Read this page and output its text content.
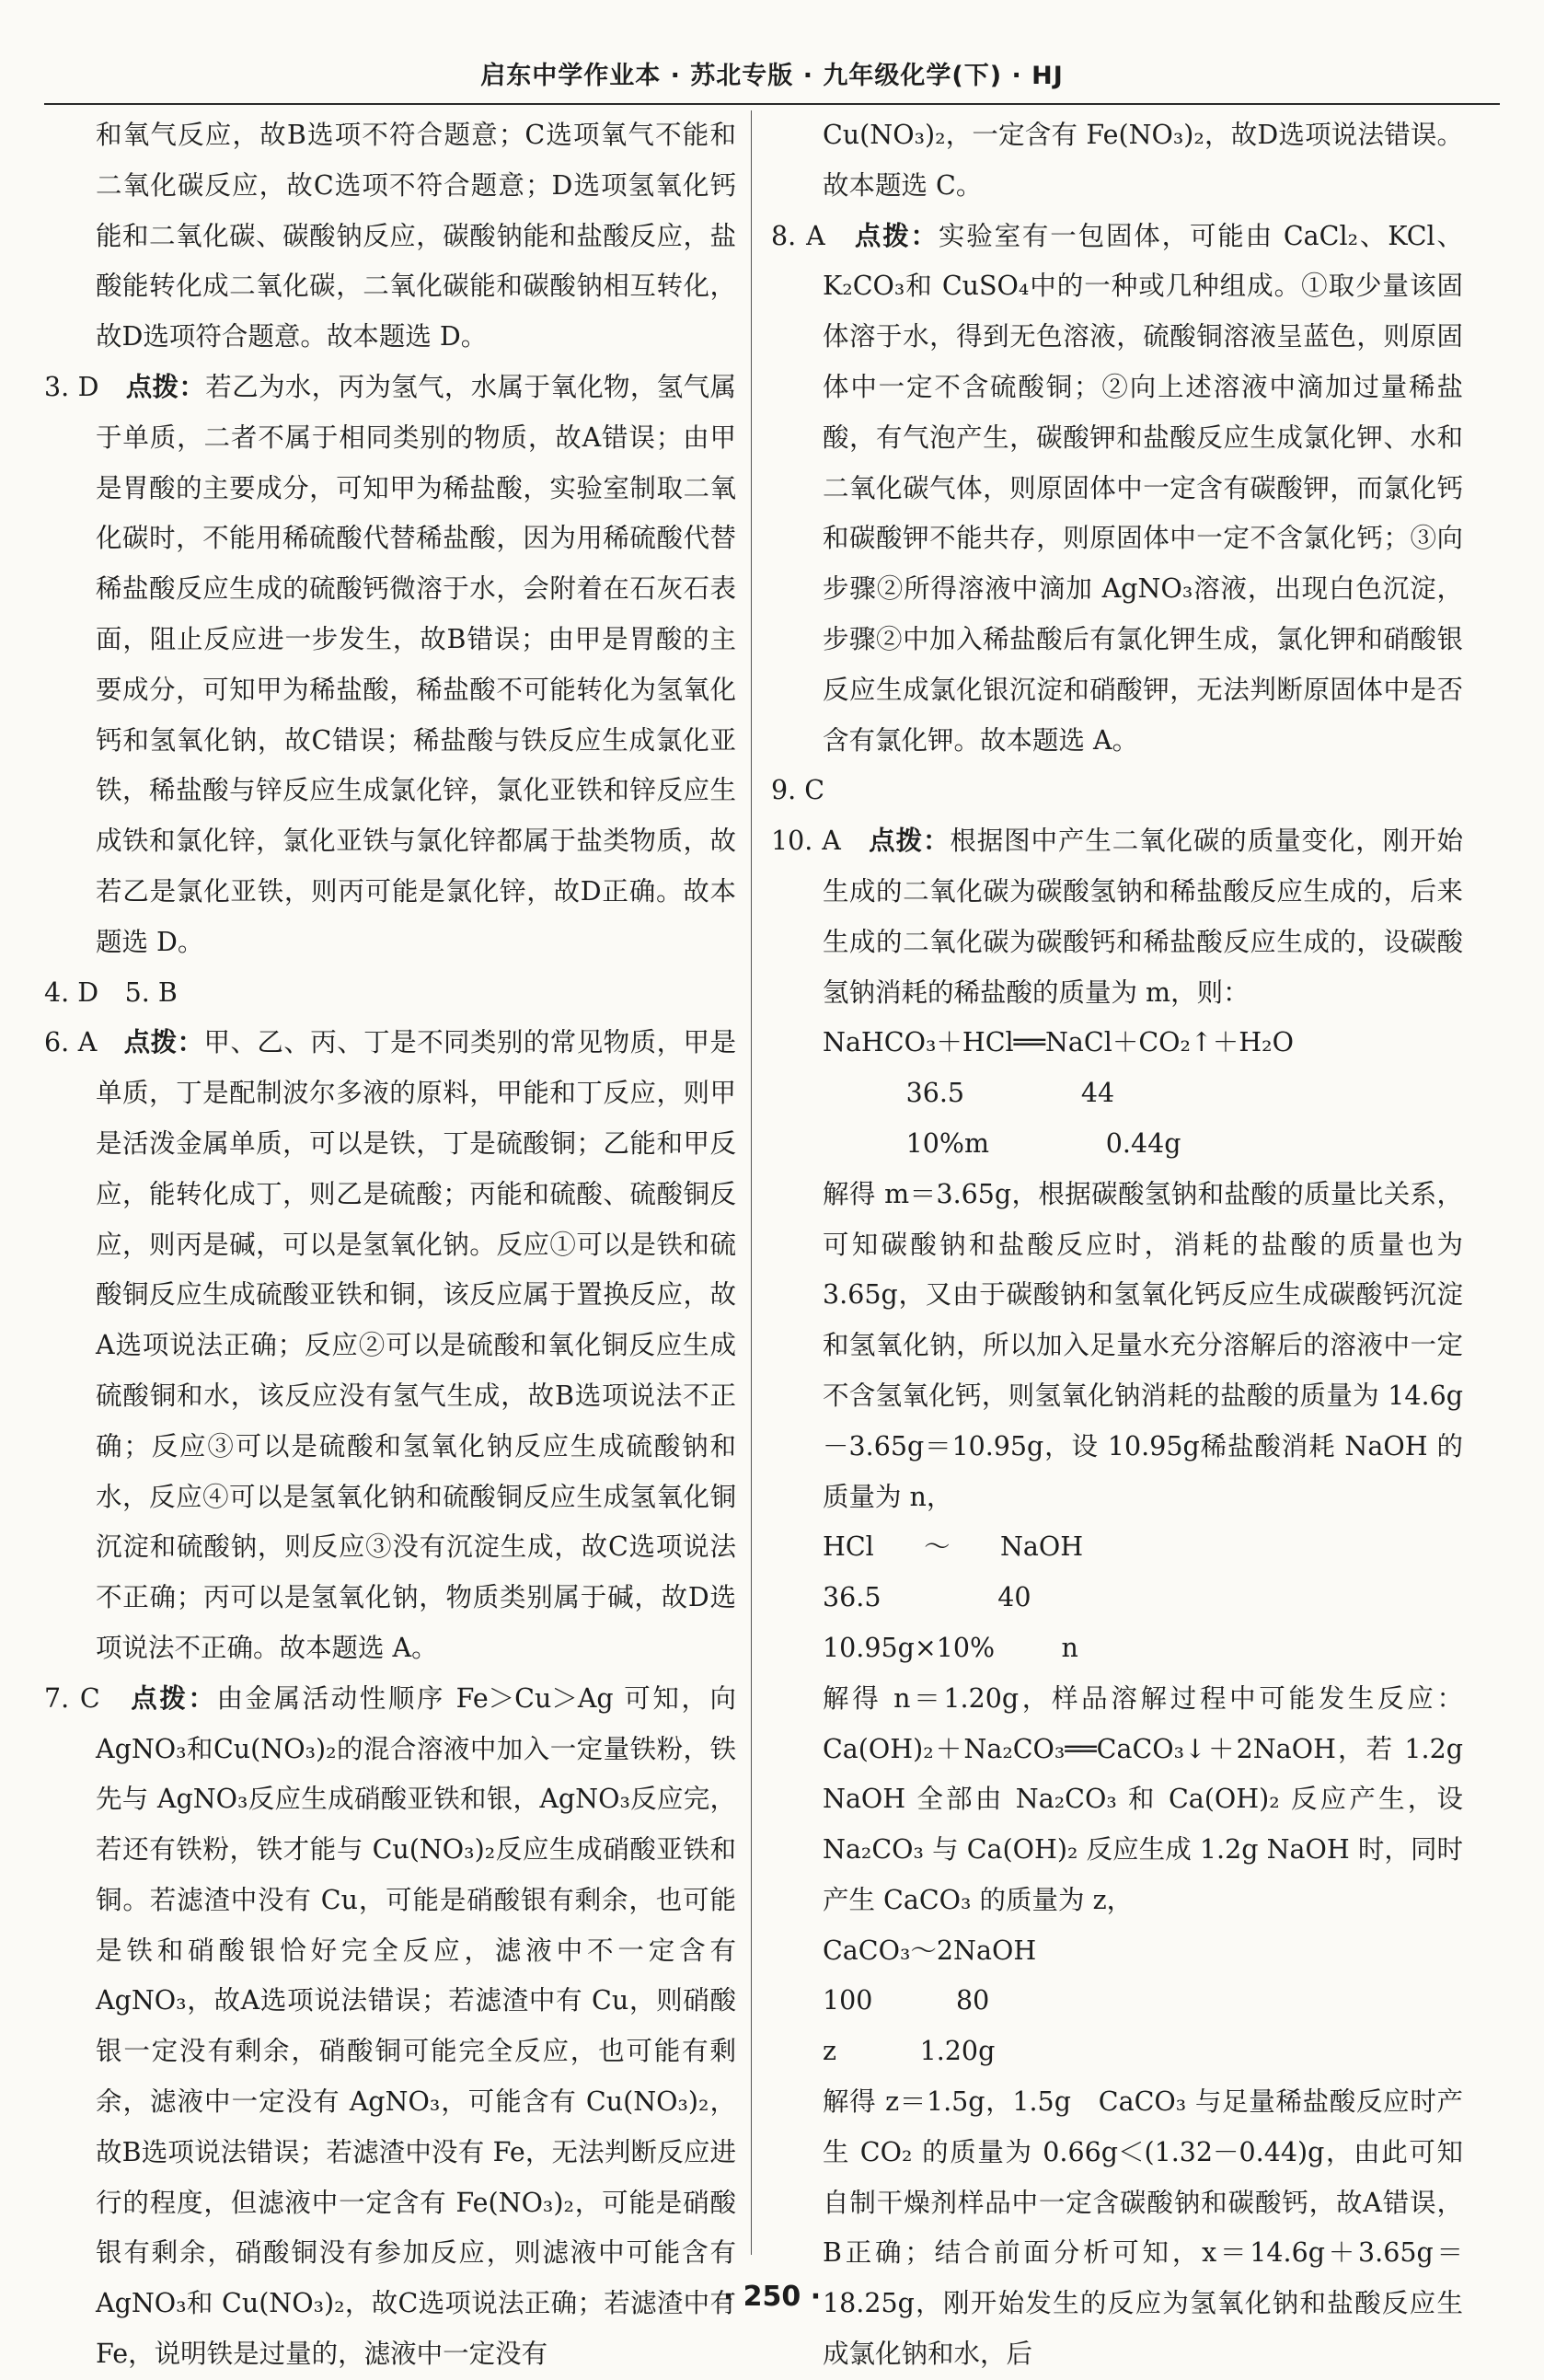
启东中学作业本 · 苏北专版 · 九年级化学(下) · HJ

和氧气反应，故B选项不符合题意；C选项氧气不能和二氧化碳反应，故C选项不符合题意；D选项氢氧化钙能和二氧化碳、碳酸钠反应，碳酸钠能和盐酸反应，盐酸能转化成二氧化碳，二氧化碳能和碳酸钠相互转化，故D选项符合题意。故本题选 D。

3. D　 点拨：若乙为水，丙为氢气，水属于氧化物，氢气属于单质，二者不属于相同类别的物质，故A错误；由甲是胃酸的主要成分，可知甲为稀盐酸，实验室制取二氧化碳时，不能用稀硫酸代替稀盐酸，因为用稀硫酸代替稀盐酸反应生成的硫酸钙微溶于水，会附着在石灰石表面，阻止反应进一步发生，故B错误；由甲是胃酸的主要成分，可知甲为稀盐酸，稀盐酸不可能转化为氢氧化钙和氢氧化钠，故C错误；稀盐酸与铁反应生成氯化亚铁，稀盐酸与锌反应生成氯化锌，氯化亚铁和锌反应生成铁和氯化锌，氯化亚铁与氯化锌都属于盐类物质，故若乙是氯化亚铁，则丙可能是氯化锌，故D正确。故本题选 D。

4. D　5. B

6. A　 点拨：甲、乙、丙、丁是不同类别的常见物质，甲是单质，丁是配制波尔多液的原料，甲能和丁反应，则甲是活泼金属单质，可以是铁，丁是硫酸铜；乙能和甲反应，能转化成丁，则乙是硫酸；丙能和硫酸、硫酸铜反应，则丙是碱，可以是氢氧化钠。反应①可以是铁和硫酸铜反应生成硫酸亚铁和铜，该反应属于置换反应，故A选项说法正确；反应②可以是硫酸和氧化铜反应生成硫酸铜和水，该反应没有氢气生成，故B选项说法不正确；反应③可以是硫酸和氢氧化钠反应生成硫酸钠和水，反应④可以是氢氧化钠和硫酸铜反应生成氢氧化铜沉淀和硫酸钠，则反应③没有沉淀生成，故C选项说法不正确；丙可以是氢氧化钠，物质类别属于碱，故D选项说法不正确。故本题选 A。

7. C　 点拨：由金属活动性顺序 Fe＞Cu＞Ag 可知，向 AgNO₃和Cu(NO₃)₂的混合溶液中加入一定量铁粉，铁先与 AgNO₃反应生成硝酸亚铁和银，AgNO₃反应完，若还有铁粉，铁才能与 Cu(NO₃)₂反应生成硝酸亚铁和铜。若滤渣中没有 Cu，可能是硝酸银有剩余，也可能是铁和硝酸银恰好完全反应，滤液中不一定含有 AgNO₃，故A选项说法错误；若滤渣中有 Cu，则硝酸银一定没有剩余，硝酸铜可能完全反应，也可能有剩余，滤液中一定没有 AgNO₃，可能含有 Cu(NO₃)₂，故B选项说法错误；若滤渣中没有 Fe，无法判断反应进行的程度，但滤液中一定含有 Fe(NO₃)₂，可能是硝酸银有剩余，硝酸铜没有参加反应，则滤液中可能含有 AgNO₃和 Cu(NO₃)₂，故C选项说法正确；若滤渣中有 Fe，说明铁是过量的，滤液中一定没有

Cu(NO₃)₂，一定含有 Fe(NO₃)₂，故D选项说法错误。故本题选 C。

8. A　 点拨：实验室有一包固体，可能由 CaCl₂、KCl、K₂CO₃和 CuSO₄中的一种或几种组成。①取少量该固体溶于水，得到无色溶液，硫酸铜溶液呈蓝色，则原固体中一定不含硫酸铜；②向上述溶液中滴加过量稀盐酸，有气泡产生，碳酸钾和盐酸反应生成氯化钾、水和二氧化碳气体，则原固体中一定含有碳酸钾，而氯化钙和碳酸钾不能共存，则原固体中一定不含氯化钙；③向步骤②所得溶液中滴加 AgNO₃溶液，出现白色沉淀，步骤②中加入稀盐酸后有氯化钾生成，氯化钾和硝酸银反应生成氯化银沉淀和硝酸钾，无法判断原固体中是否含有氯化钾。故本题选 A。

9. C

10. A　 点拨：根据图中产生二氧化碳的质量变化，刚开始生成的二氧化碳为碳酸氢钠和稀盐酸反应生成的，后来生成的二氧化碳为碳酸钙和稀盐酸反应生成的，设碳酸氢钠消耗的稀盐酸的质量为 m，则：

NaHCO₃＋HCl══NaCl＋CO₂↑＋H₂O

36.5              44

10%m              0.44g

解得 m＝3.65g，根据碳酸氢钠和盐酸的质量比关系，可知碳酸钠和盐酸反应时，消耗的盐酸的质量也为 3.65g，又由于碳酸钠和氢氧化钙反应生成碳酸钙沉淀和氢氧化钠，所以加入足量水充分溶解后的溶液中一定不含氢氧化钙，则氢氧化钠消耗的盐酸的质量为 14.6g－3.65g＝10.95g，设 10.95g稀盐酸消耗 NaOH 的质量为 n，

HCl      ～      NaOH

36.5              40

10.95g×10%        n

解得 n＝1.20g，样品溶解过程中可能发生反应：Ca(OH)₂＋Na₂CO₃══CaCO₃↓＋2NaOH，若 1.2g NaOH 全部由 Na₂CO₃ 和 Ca(OH)₂ 反应产生，设 Na₂CO₃ 与 Ca(OH)₂ 反应生成 1.2g NaOH 时，同时产生 CaCO₃ 的质量为 z，

CaCO₃～2NaOH

100          80

z          1.20g

解得 z＝1.5g，1.5g　CaCO₃ 与足量稀盐酸反应时产生 CO₂ 的质量为 0.66g＜(1.32－0.44)g，由此可知自制干燥剂样品中一定含碳酸钠和碳酸钙，故A错误，B正确；结合前面分析可知，x＝14.6g＋3.65g＝18.25g，刚开始发生的反应为氢氧化钠和盐酸反应生成氯化钠和水，后

· 250 ·
